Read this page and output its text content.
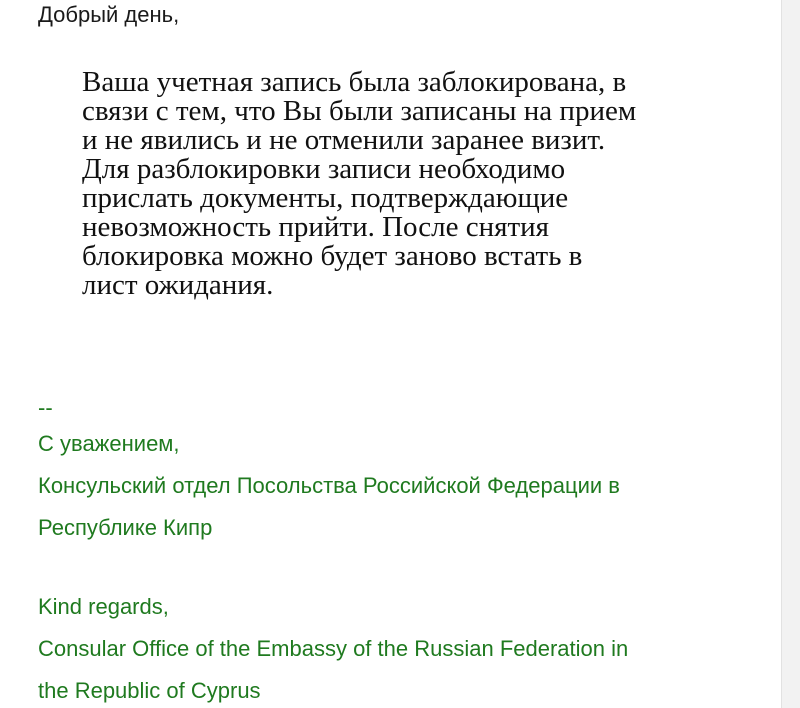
Добрый день,

Ваша учетная запись была заблокирована, в
связи с тем, что Вы были записаны на прием
и не явились и не отменили заранее визит.
Для разблокировки записи необходимо
прислать документы, подтверждающие
невозможность прийти. После снятия
блокировка можно будет заново встать в
лист ожидания.

--

С уважением,

Консульский отдел Посольства Российской Федерации в

Республике Кипр

Kind regards,

Consular Office of the Embassy of the Russian Federation in

the Republic of Cyprus
